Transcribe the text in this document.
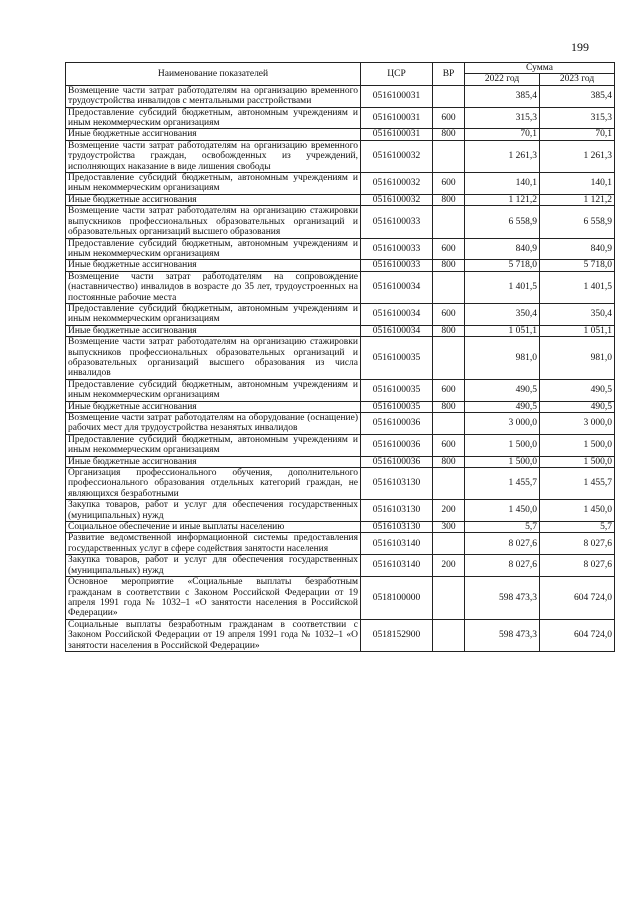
199
Наименование показателей	ЦСР	ВР	Сумма	
			2022 год	2023 год
Возмещение части затрат работодателям на организацию временного трудоустройства инвалидов с ментальными расстройствами	0516100031		385,4	385,4
Предоставление субсидий бюджетным, автономным учреждениям и иным некоммерческим организациям	0516100031	600	315,3	315,3
Иные бюджетные ассигнования	0516100031	800	70,1	70,1
Возмещение части затрат работодателям на организацию временного трудоустройства граждан, освобожденных из учреждений, исполняющих наказание в виде лишения свободы	0516100032		1 261,3	1 261,3
Предоставление субсидий бюджетным, автономным учреждениям и иным некоммерческим организациям	0516100032	600	140,1	140,1
Иные бюджетные ассигнования	0516100032	800	1 121,2	1 121,2
Возмещение части затрат работодателям на организацию стажировки выпускников профессиональных образовательных организаций и образовательных организаций высшего образования	0516100033		6 558,9	6 558,9
Предоставление субсидий бюджетным, автономным учреждениям и иным некоммерческим организациям	0516100033	600	840,9	840,9
Иные бюджетные ассигнования	0516100033	800	5 718,0	5 718,0
Возмещение части затрат работодателям на сопровождение (наставничество) инвалидов в возрасте до 35 лет, трудоустроенных на постоянные рабочие места	0516100034		1 401,5	1 401,5
Предоставление субсидий бюджетным, автономным учреждениям и иным некоммерческим организациям	0516100034	600	350,4	350,4
Иные бюджетные ассигнования	0516100034	800	1 051,1	1 051,1
Возмещение части затрат работодателям на организацию стажировки выпускников профессиональных образовательных организаций и образовательных организаций высшего образования из числа инвалидов	0516100035		981,0	981,0
Предоставление субсидий бюджетным, автономным учреждениям и иным некоммерческим организациям	0516100035	600	490,5	490,5
Иные бюджетные ассигнования	0516100035	800	490,5	490,5
Возмещение части затрат работодателям на оборудование (оснащение) рабочих мест для трудоустройства незанятых инвалидов	0516100036		3 000,0	3 000,0
Предоставление субсидий бюджетным, автономным учреждениям и иным некоммерческим организациям	0516100036	600	1 500,0	1 500,0
Иные бюджетные ассигнования	0516100036	800	1 500,0	1 500,0
Организация профессионального обучения, дополнительного профессионального образования отдельных категорий граждан, не являющихся безработными	0516103130		1 455,7	1 455,7
Закупка товаров, работ и услуг для обеспечения государственных (муниципальных) нужд	0516103130	200	1 450,0	1 450,0
Социальное обеспечение и иные выплаты населению	0516103130	300	5,7	5,7
Развитие ведомственной информационной системы предоставления государственных услуг в сфере содействия занятости населения	0516103140		8 027,6	8 027,6
Закупка товаров, работ и услуг для обеспечения государственных (муниципальных) нужд	0516103140	200	8 027,6	8 027,6
Основное мероприятие «Социальные выплаты безработным гражданам в соответствии с Законом Российской Федерации от 19 апреля 1991 года № 1032–1 «О занятости населения в Российской Федерации»	0518100000		598 473,3	604 724,0
Социальные выплаты безработным гражданам в соответствии с Законом Российской Федерации от 19 апреля 1991 года № 1032–1 «О занятости населения в Российской Федерации»	0518152900		598 473,3	604 724,0
